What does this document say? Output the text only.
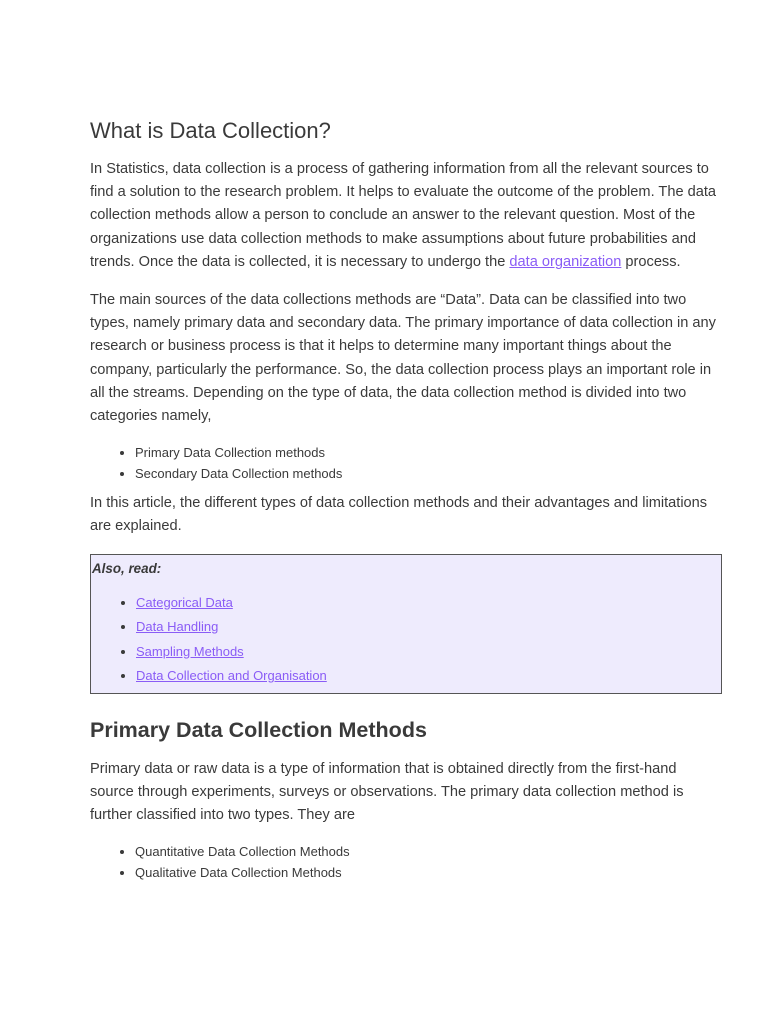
What is Data Collection?

In Statistics, data collection is a process of gathering information from all the relevant sources to find a solution to the research problem. It helps to evaluate the outcome of the problem. The data collection methods allow a person to conclude an answer to the relevant question. Most of the organizations use data collection methods to make assumptions about future probabilities and trends. Once the data is collected, it is necessary to undergo the data organization process.

The main sources of the data collections methods are “Data”. Data can be classified into two types, namely primary data and secondary data. The primary importance of data collection in any research or business process is that it helps to determine many important things about the company, particularly the performance. So, the data collection process plays an important role in all the streams. Depending on the type of data, the data collection method is divided into two categories namely,

• Primary Data Collection methods
• Secondary Data Collection methods

In this article, the different types of data collection methods and their advantages and limitations are explained.

Also, read:
• Categorical Data
• Data Handling
• Sampling Methods
• Data Collection and Organisation
Primary Data Collection Methods

Primary data or raw data is a type of information that is obtained directly from the first-hand source through experiments, surveys or observations. The primary data collection method is further classified into two types. They are

• Quantitative Data Collection Methods
• Qualitative Data Collection Methods
